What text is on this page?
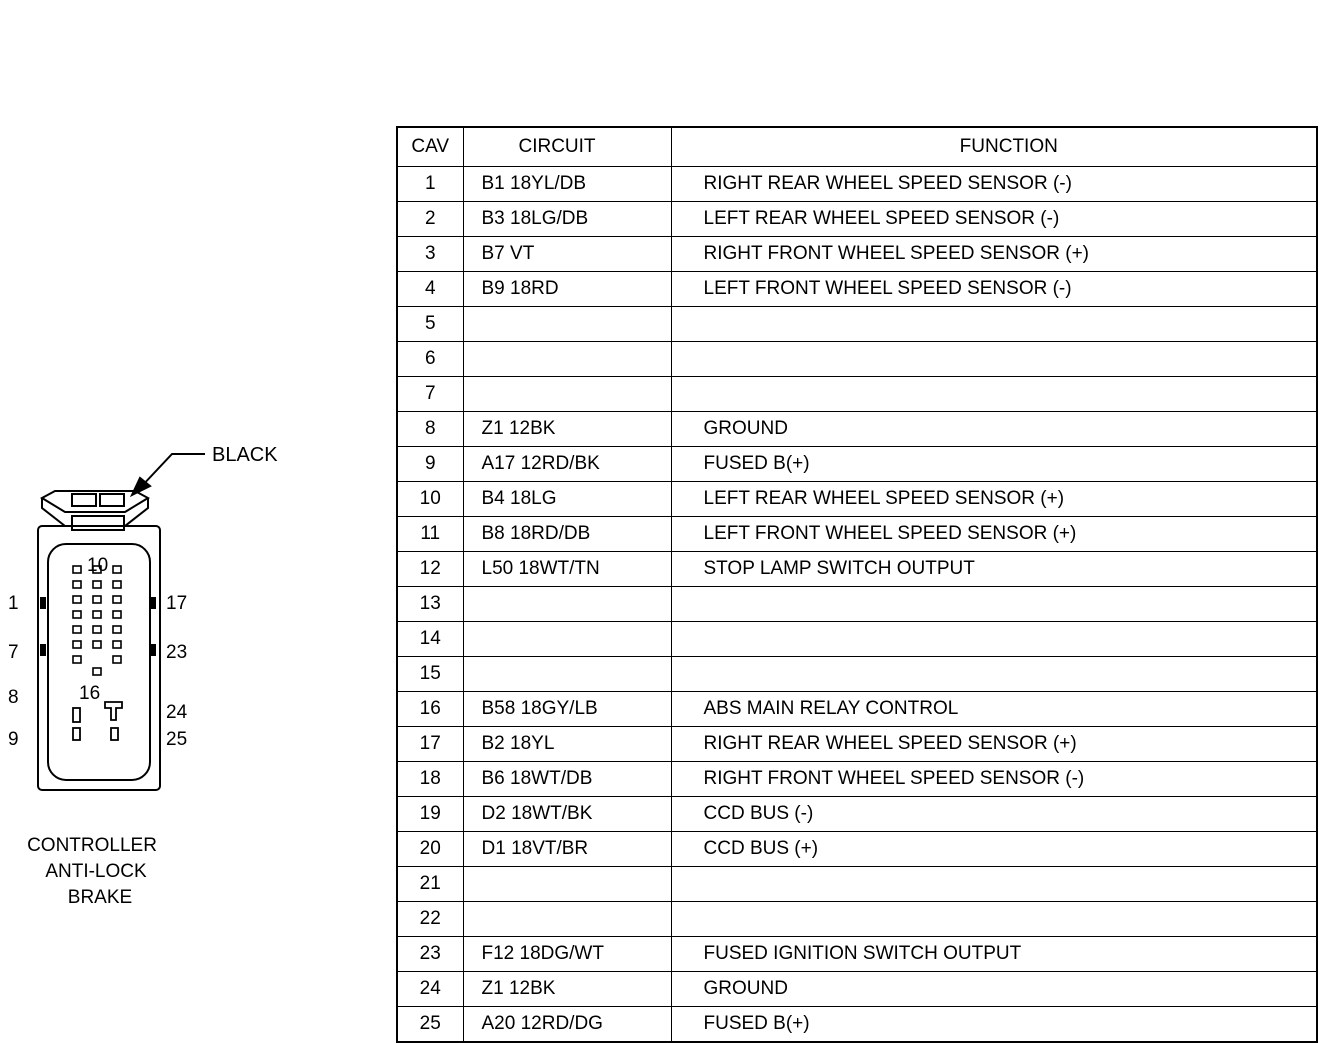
BLACK
10
16
1
7
8
9
17
23
24
25
CONTROLLER
ANTI-LOCK
BRAKE
CAV	CIRCUIT	FUNCTION
1	B1 18YL/DB	RIGHT REAR WHEEL SPEED SENSOR (-)
2	B3 18LG/DB	LEFT REAR WHEEL SPEED SENSOR (-)
3	B7 VT	RIGHT FRONT WHEEL SPEED SENSOR (+)
4	B9 18RD	LEFT FRONT WHEEL SPEED SENSOR (-)
5		
6		
7		
8	Z1 12BK	GROUND
9	A17 12RD/BK	FUSED B(+)
10	B4 18LG	LEFT REAR WHEEL SPEED SENSOR (+)
11	B8 18RD/DB	LEFT FRONT WHEEL SPEED SENSOR (+)
12	L50 18WT/TN	STOP LAMP SWITCH OUTPUT
13		
14		
15		
16	B58 18GY/LB	ABS MAIN RELAY CONTROL
17	B2 18YL	RIGHT REAR WHEEL SPEED SENSOR (+)
18	B6 18WT/DB	RIGHT FRONT WHEEL SPEED SENSOR (-)
19	D2 18WT/BK	CCD BUS (-)
20	D1 18VT/BR	CCD BUS (+)
21		
22		
23	F12 18DG/WT	FUSED IGNITION SWITCH OUTPUT
24	Z1 12BK	GROUND
25	A20 12RD/DG	FUSED B(+)
